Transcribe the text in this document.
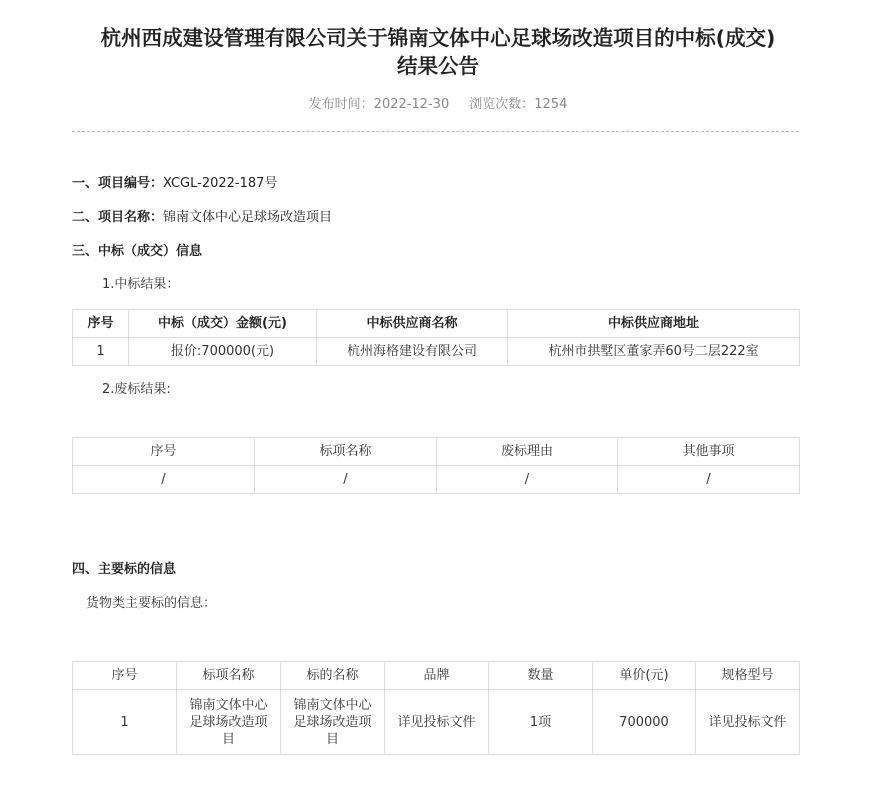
杭州西成建设管理有限公司关于锦南文体中心足球场改造项目的中标(成交)
结果公告
发布时间：2022-12-30 浏览次数：1254
一、项目编号：XCGL-2022-187号
二、项目名称：锦南文体中心足球场改造项目
三、中标（成交）信息
1.中标结果：
序号	中标（成交）金额(元)	中标供应商名称	中标供应商地址
1	报价:700000(元)	杭州海格建设有限公司	杭州市拱墅区董家弄60号二层222室
2.废标结果:
序号	标项名称	废标理由	其他事项
/	/	/	/
四、主要标的信息
货物类主要标的信息：
序号	标项名称	标的名称	品牌	数量	单价(元)	规格型号
1	锦南文体中心足球场改造项目	锦南文体中心足球场改造项目	详见投标文件	1项	700000	详见投标文件
